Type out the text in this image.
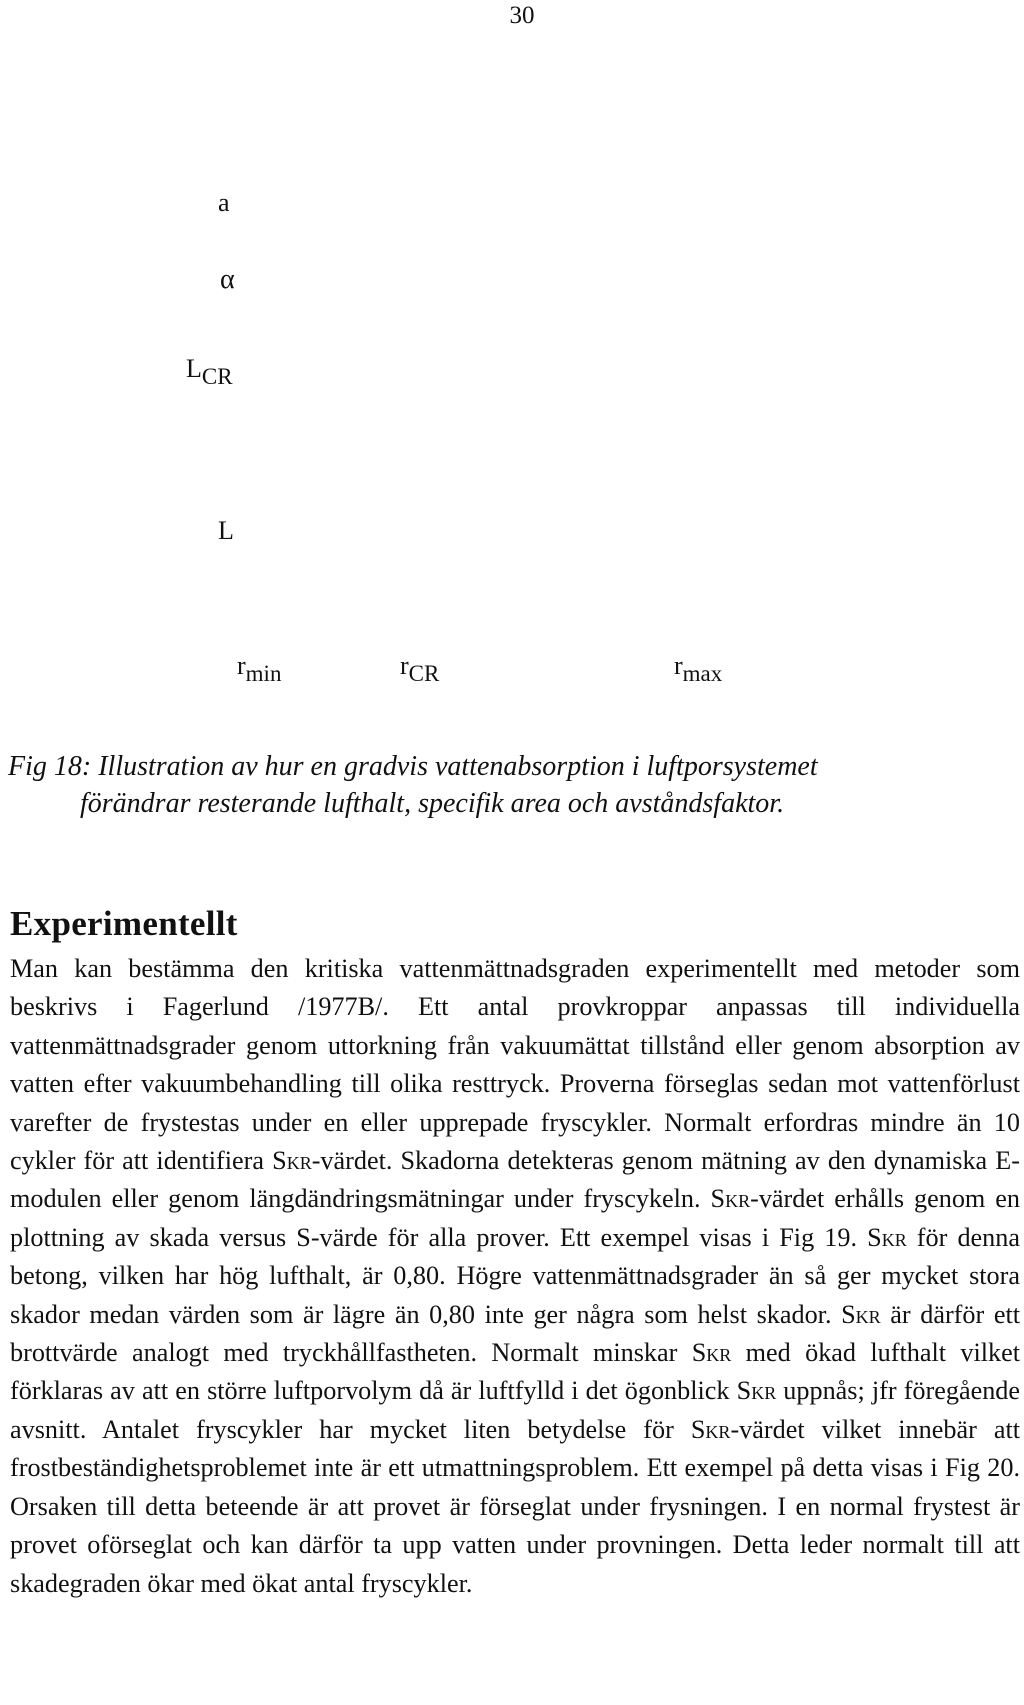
30
a
α
$L_{CR}$
L
$r_{min}$	$r_{CR}$	$r_{max}$
Fig 18: Illustration av hur en gradvis vattenabsorption i luftporsystemet
förändrar resterande lufthalt, specifik area och avståndsfaktor.
Experimentellt
Man kan bestämma den kritiska vattenmättnadsgraden experimentellt med metoder som beskrivs i Fagerlund /1977B/. Ett antal provkroppar anpassas till individuella vattenmättnadsgrader genom uttorkning från vakuumättat tillstånd eller genom absorption av vatten efter vakuumbehandling till olika resttryck. Proverna förseglas sedan mot vattenförlust varefter de frystestas under en eller upprepade fryscykler. Normalt erfordras mindre än 10 cykler för att identifiera Skr-värdet. Skadorna detekteras genom mätning av den dynamiska E-modulen eller genom längdändringsmätningar under fryscykeln. Skr-värdet erhålls genom en plottning av skada versus S-värde för alla prover. Ett exempel visas i Fig 19. Skr för denna betong, vilken har hög lufthalt, är 0,80. Högre vattenmättnadsgrader än så ger mycket stora skador medan värden som är lägre än 0,80 inte ger några som helst skador. Skr är därför ett brottvärde analogt med tryckhållfastheten. Normalt minskar Skr med ökad lufthalt vilket förklaras av att en större luftporvolym då är luftfylld i det ögonblick Skr uppnås; jfr föregående avsnitt. Antalet fryscykler har mycket liten betydelse för Skr-värdet vilket innebär att frostbeständighetsproblemet inte är ett utmattningsproblem. Ett exempel på detta visas i Fig 20. Orsaken till detta beteende är att provet är förseglat under frysningen. I en normal frystest är provet oförseglat och kan därför ta upp vatten under provningen. Detta leder normalt till att skadegraden ökar med ökat antal fryscykler.
